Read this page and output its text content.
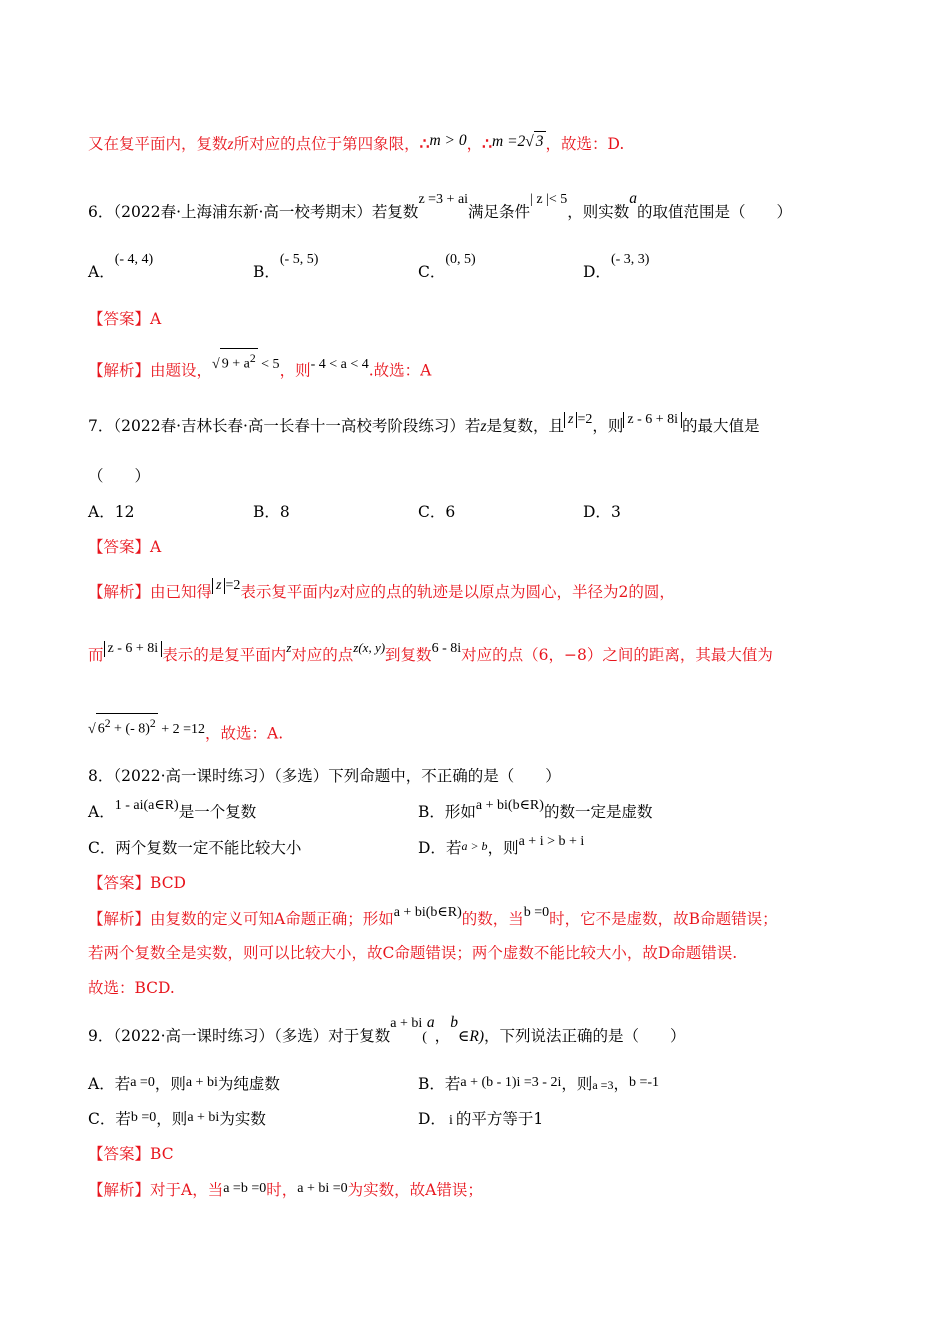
又在复平面内，复数z所对应的点位于第四象限，∴m > 0，∴m =2√ 3 ，故选：D.
6．（2022春·上海浦东新·高一校考期末）若复数z =3 + ai满足条件| z |< 5，则实数a的取值范围是（　　）
A．(- 4, 4)
B．(- 5, 5)
C．(0, 5)
D．(- 3, 3)
【答案】A
【解析】由题设，√ $9 + a^2 < 5$，则- 4 < a < 4.故选：A
7．（2022春·吉林长春·高一长春十一高校考阶段练习）若z是复数，且 z =2，则 z - 6 + 8i 的最大值是
（　　）
A．12	B．8	C．6	D．3
【答案】A
【解析】由已知得 z =2表示复平面内z对应的点的轨迹是以原点为圆心，半径为2的圆，
而 z - 6 + 8i 表示的是复平面内$^z$对应的点$^{z(x, y)}$到复数6 - 8i对应的点（6，−8）之间的距离，其最大值为
√ $6^2$ + (- 8)$^2$ + 2 =12，故选：A.
8．（2022·高一课时练习）（多选）下列命题中，不正确的是（　　）
A．1 - ai(a∈R)是一个复数	B．形如a + bi(b∈R)的数一定是虚数
C．两个复数一定不能比较大小	D．若a > b，则a + i > b + i
【答案】BCD
【解析】由复数的定义可知A命题正确；形如a + bi(b∈R)的数，当b =0时，它不是虚数，故B命题错误；
若两个复数全是实数，则可以比较大小，故C命题错误；两个虚数不能比较大小，故D命题错误.
故选：BCD.
9．（2022·高一课时练习）（多选）对于复数a + bi(a，b∈R)，下列说法正确的是（　　）
A．若a =0，则a + bi为纯虚数	B．若a + (b - 1)i =3 - 2i，则a =3，b =-1
C．若b =0，则a + bi为实数	D． i 的平方等于1
【答案】BC
【解析】对于A，当a =b =0时，a + bi =0为实数，故A错误；
